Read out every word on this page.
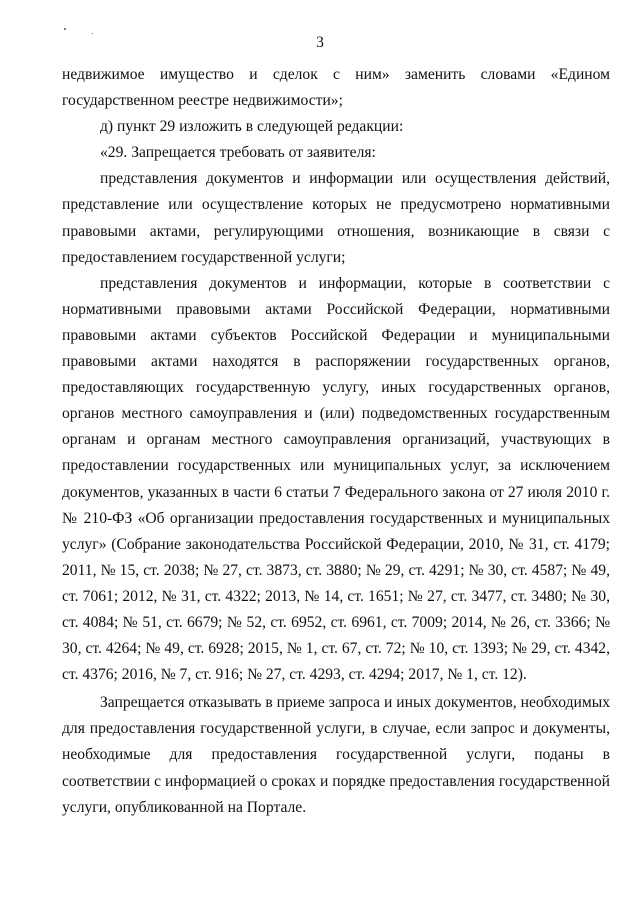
3

недвижимое имущество и сделок с ним» заменить словами «Едином государственном реестре недвижимости»;

д) пункт 29 изложить в следующей редакции:

«29. Запрещается требовать от заявителя:

представления документов и информации или осуществления действий, представление или осуществление которых не предусмотрено нормативными правовыми актами, регулирующими отношения, возникающие в связи с предоставлением государственной услуги;

представления документов и информации, которые в соответствии с нормативными правовыми актами Российской Федерации, нормативными правовыми актами субъектов Российской Федерации и муниципальными правовыми актами находятся в распоряжении государственных органов, предоставляющих государственную услугу, иных государственных органов, органов местного самоуправления и (или) подведомственных государственным органам и органам местного самоуправления организаций, участвующих в предоставлении государственных или муниципальных услуг, за исключением документов, указанных в части 6 статьи 7 Федерального закона от 27 июля 2010 г. № 210-ФЗ «Об организации предоставления государственных и муниципальных услуг» (Собрание законодательства Российской Федерации, 2010, № 31, ст. 4179; 2011, № 15, ст. 2038; № 27, ст. 3873, ст. 3880; № 29, ст. 4291; № 30, ст. 4587; № 49, ст. 7061; 2012, № 31, ст. 4322; 2013, № 14, ст. 1651; № 27, ст. 3477, ст. 3480; № 30, ст. 4084; № 51, ст. 6679; № 52, ст. 6952, ст. 6961, ст. 7009; 2014, № 26, ст. 3366; № 30, ст. 4264; № 49, ст. 6928; 2015, № 1, ст. 67, ст. 72; № 10, ст. 1393; № 29, ст. 4342, ст. 4376; 2016, № 7, ст. 916; № 27, ст. 4293, ст. 4294; 2017, № 1, ст. 12).

Запрещается отказывать в приеме запроса и иных документов, необходимых для предоставления государственной услуги, в случае, если запрос и документы, необходимые для предоставления государственной услуги, поданы в соответствии с информацией о сроках и порядке предоставления государственной услуги, опубликованной на Портале.
